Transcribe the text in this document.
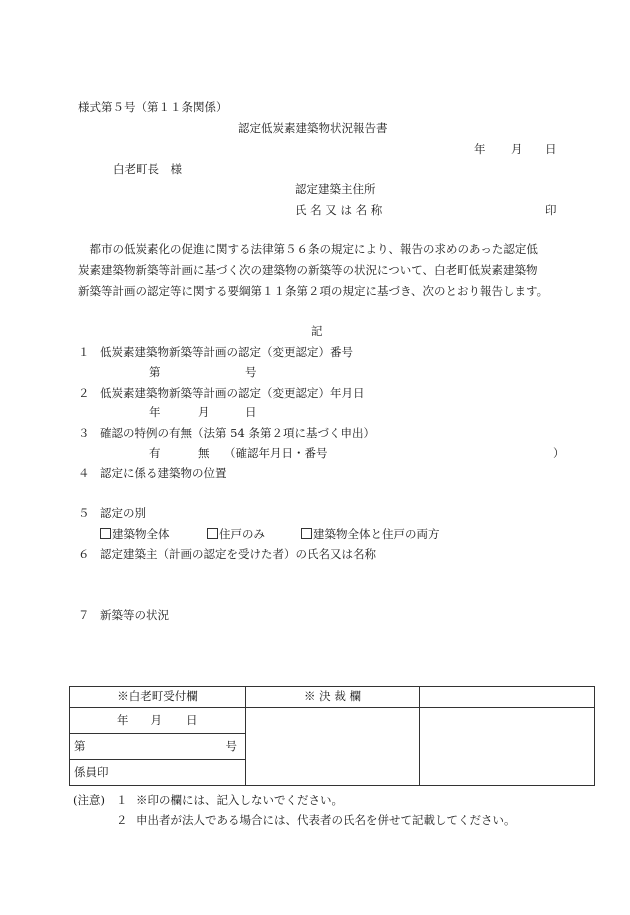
様式第５号（第１１条関係）
認定低炭素建築物状況報告書
年 月 日
白老町長　様
認定建築主住所
氏 名 又 は 名 称	印

都市の低炭素化の促進に関する法律第５６条の規定により、報告の求めのあった認定低

炭素建築物新築等計画に基づく次の建築物の新築等の状況について、白老町低炭素建築物

新築等計画の認定等に関する要綱第１１条第２項の規定に基づき、次のとおり報告します。

記
１ 低炭素建築物新築等計画の認定（変更認定）番号
第	号
２ 低炭素建築物新築等計画の認定（変更認定）年月日
年	月	日
３ 確認の特例の有無（法第 54 条第２項に基づく申出）
有	無 （確認年月日・番号	）
４ 認定に係る建築物の位置
５ 認定の別
建築物全体	住戸のみ	建築物全体と住戸の両方
６ 認定建築主（計画の認定を受けた者）の氏名又は名称
７ 新築等の状況
※白老町受付欄	※ 決 裁 欄	
年 月 日		
第 号		

係員印		
(注意) １ ※印の欄には、記入しないでください。
２ 申出者が法人である場合には、代表者の氏名を併せて記載してください。
